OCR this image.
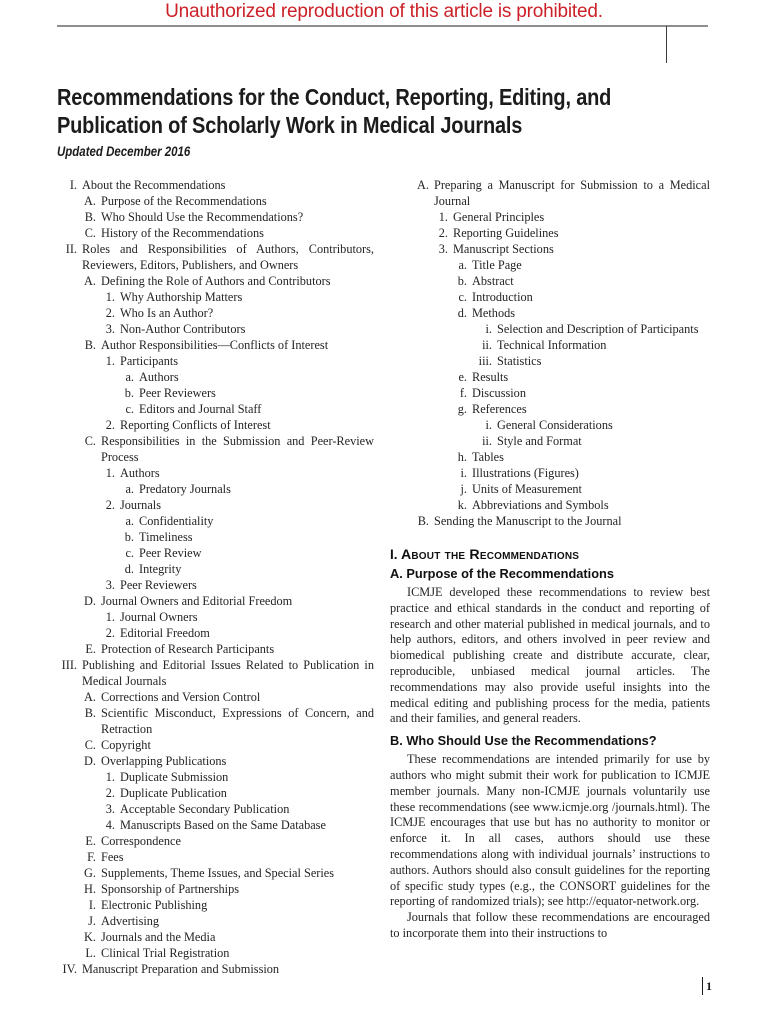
Unauthorized reproduction of this article is prohibited.
Recommendations for the Conduct, Reporting, Editing, and Publication of Scholarly Work in Medical Journals
Updated December 2016
I. About the Recommendations
A. Purpose of the Recommendations
B. Who Should Use the Recommendations?
C. History of the Recommendations
II. Roles and Responsibilities of Authors, Contributors, Reviewers, Editors, Publishers, and Owners
A. Defining the Role of Authors and Contributors
1. Why Authorship Matters
2. Who Is an Author?
3. Non-Author Contributors
B. Author Responsibilities—Conflicts of Interest
1. Participants
a. Authors
b. Peer Reviewers
c. Editors and Journal Staff
2. Reporting Conflicts of Interest
C. Responsibilities in the Submission and Peer-Review Process
1. Authors
a. Predatory Journals
2. Journals
a. Confidentiality
b. Timeliness
c. Peer Review
d. Integrity
3. Peer Reviewers
D. Journal Owners and Editorial Freedom
1. Journal Owners
2. Editorial Freedom
E. Protection of Research Participants
III. Publishing and Editorial Issues Related to Publication in Medical Journals
A. Corrections and Version Control
B. Scientific Misconduct, Expressions of Concern, and Retraction
C. Copyright
D. Overlapping Publications
1. Duplicate Submission
2. Duplicate Publication
3. Acceptable Secondary Publication
4. Manuscripts Based on the Same Database
E. Correspondence
F. Fees
G. Supplements, Theme Issues, and Special Series
H. Sponsorship of Partnerships
I. Electronic Publishing
J. Advertising
K. Journals and the Media
L. Clinical Trial Registration
IV. Manuscript Preparation and Submission
A. Preparing a Manuscript for Submission to a Medical Journal
1. General Principles
2. Reporting Guidelines
3. Manuscript Sections
a. Title Page
b. Abstract
c. Introduction
d. Methods
i. Selection and Description of Participants
ii. Technical Information
iii. Statistics
e. Results
f. Discussion
g. References
i. General Considerations
ii. Style and Format
h. Tables
i. Illustrations (Figures)
j. Units of Measurement
k. Abbreviations and Symbols
B. Sending the Manuscript to the Journal
I. About the Recommendations
A. Purpose of the Recommendations

ICMJE developed these recommendations to review best practice and ethical standards in the conduct and reporting of research and other material published in medical journals, and to help authors, editors, and others involved in peer review and biomedical publishing create and distribute accurate, clear, reproducible, unbiased medical journal articles. The recommendations may also provide useful insights into the medical editing and publishing process for the media, patients and their families, and general readers.

B. Who Should Use the Recommendations?

These recommendations are intended primarily for use by authors who might submit their work for publication to ICMJE member journals. Many non-ICMJE journals voluntarily use these recommendations (see www.icmje.org /journals.html). The ICMJE encourages that use but has no authority to monitor or enforce it. In all cases, authors should use these recommendations along with individual journals’ instructions to authors. Authors should also consult guidelines for the reporting of specific study types (e.g., the CONSORT guidelines for the reporting of randomized trials); see http://equator-network.org.

Journals that follow these recommendations are encouraged to incorporate them into their instructions to

1
